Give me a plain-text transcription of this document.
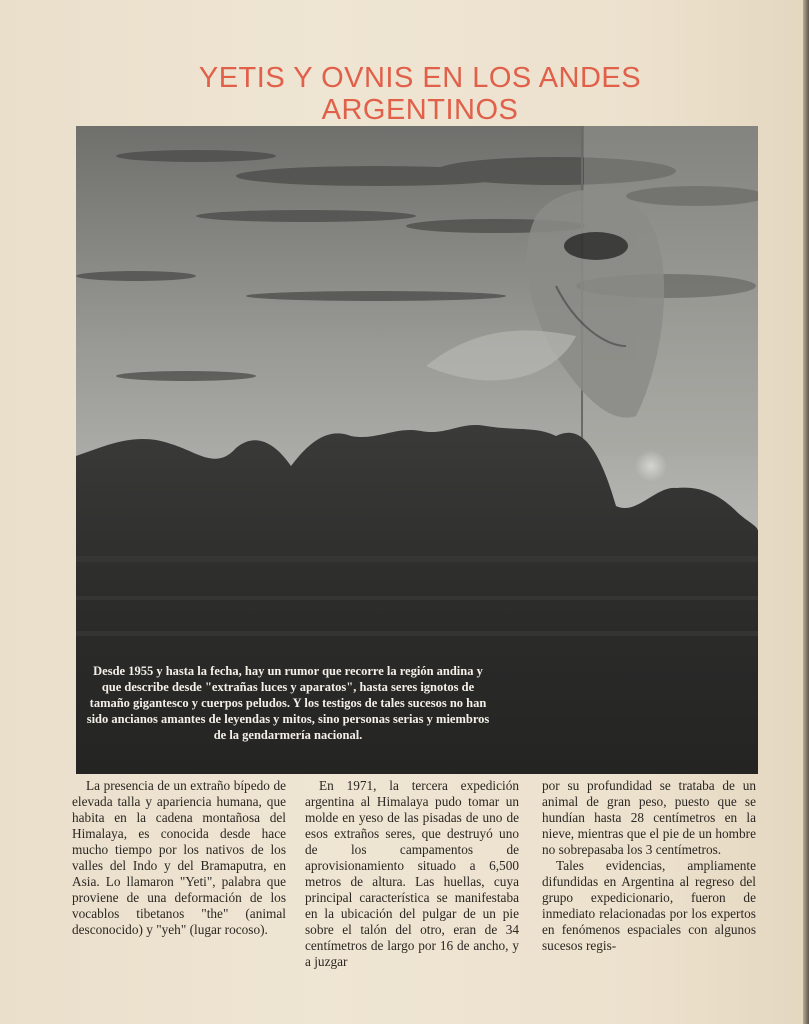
YETIS Y OVNIS EN LOS ANDES ARGENTINOS
Desde 1955 y hasta la fecha, hay un rumor que recorre la región andina y que describe desde "extrañas luces y aparatos", hasta seres ignotos de tamaño gigantesco y cuerpos peludos. Y los testigos de tales sucesos no han sido ancianos amantes de leyendas y mitos, sino personas serias y miembros de la gendarmería nacional.

La presencia de un extraño bípedo de elevada talla y apariencia humana, que habita en la cadena montañosa del Himalaya, es conocida desde hace mucho tiempo por los nativos de los valles del Indo y del Bramaputra, en Asia. Lo llamaron "Yeti", palabra que proviene de una deformación de los vocablos tibetanos "the" (animal desconocido) y "yeh" (lugar rocoso).

En 1971, la tercera expedición argentina al Himalaya pudo tomar un molde en yeso de las pisadas de uno de esos extraños seres, que destruyó uno de los campamentos de aprovisionamiento situado a 6,500 metros de altura. Las huellas, cuya principal característica se manifestaba en la ubicación del pulgar de un pie sobre el talón del otro, eran de 34 centímetros de largo por 16 de ancho, y a juzgar

por su profundidad se trataba de un animal de gran peso, puesto que se hundían hasta 28 centímetros en la nieve, mientras que el pie de un hombre no sobrepasaba los 3 centímetros.

Tales evidencias, ampliamente difundidas en Argentina al regreso del grupo expedicionario, fueron de inmediato relacionadas por los expertos en fenómenos espaciales con algunos sucesos regis-
